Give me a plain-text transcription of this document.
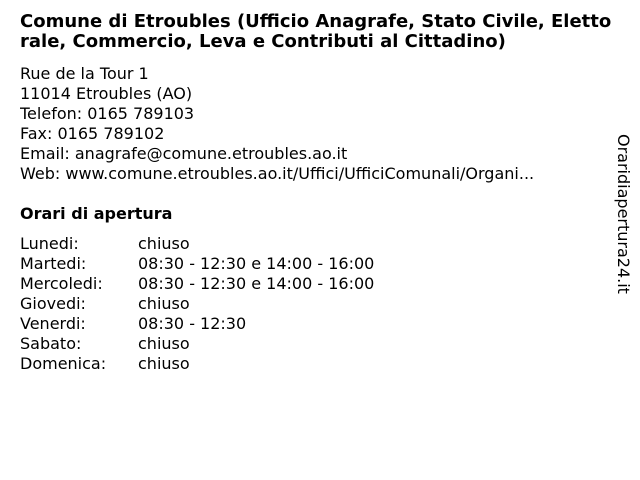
Comune di Etroubles (Ufficio Anagrafe, Stato Civile, Elettorale, Commercio, Leva e Contributi al Cittadino)
Rue de la Tour 1
11014 Etroubles (AO)
Telefon: 0165 789103
Fax: 0165 789102
Email: anagrafe@comune.etroubles.ao.it
Web: www.comune.etroubles.ao.it/Uffici/UfficiComunali/Organi...
Orari di apertura
Lunedi:	chiuso
Martedi:	08:30 - 12:30 e 14:00 - 16:00
Mercoledi:	08:30 - 12:30 e 14:00 - 16:00
Giovedi:	chiuso
Venerdi:	08:30 - 12:30
Sabato:	chiuso
Domenica:	chiuso
Oraridiapertura24.it
